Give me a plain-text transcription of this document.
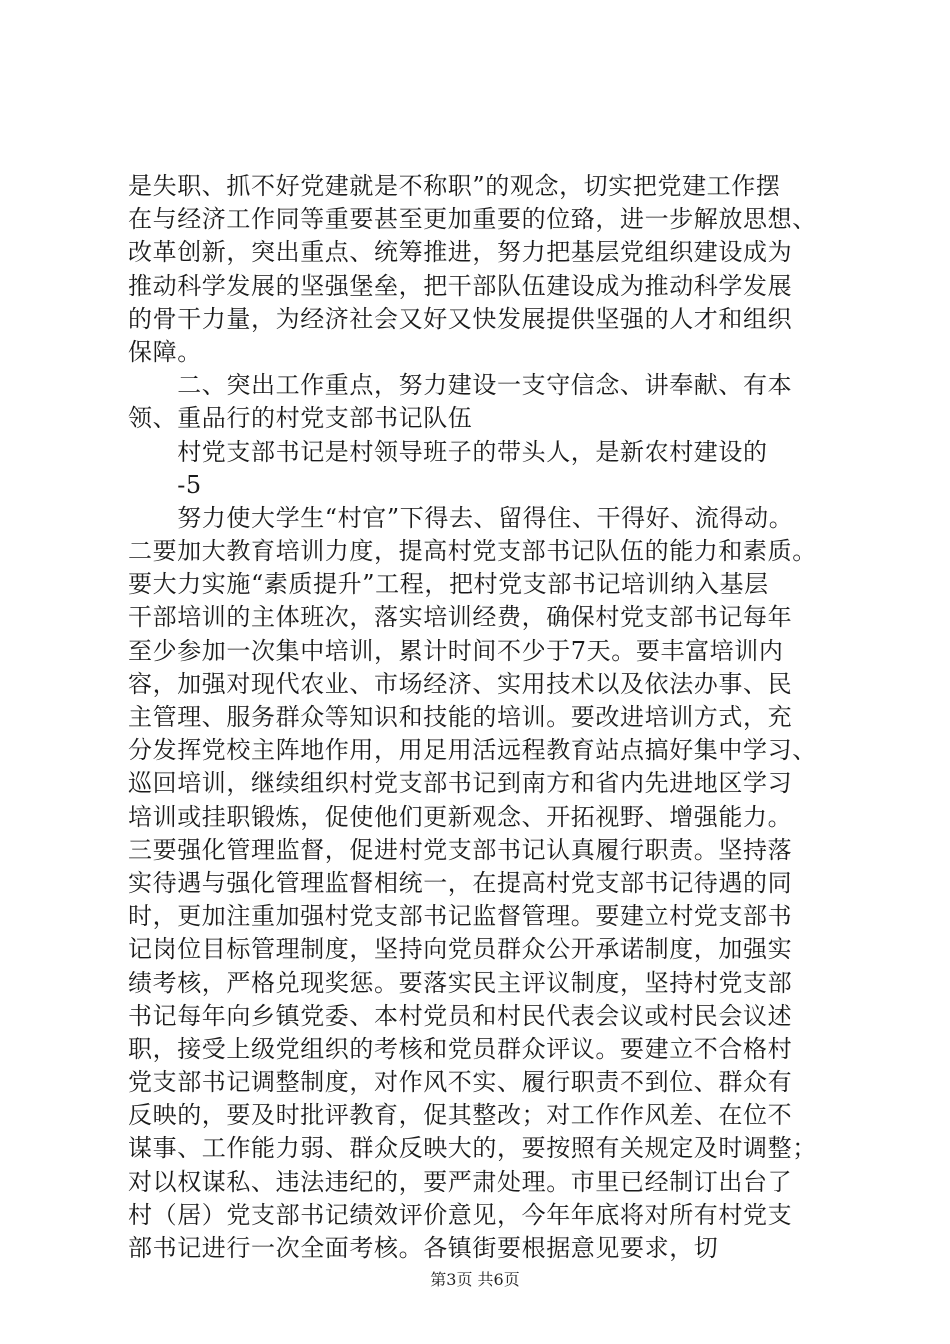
是失职、抓不好党建就是不称职”的观念，切实把党建工作摆
在与经济工作同等重要甚至更加重要的位臵，进一步解放思想、
改革创新，突出重点、统筹推进，努力把基层党组织建设成为
推动科学发展的坚强堡垒，把干部队伍建设成为推动科学发展
的骨干力量，为经济社会又好又快发展提供坚强的人才和组织
保障。
　　二、突出工作重点，努力建设一支守信念、讲奉献、有本
领、重品行的村党支部书记队伍
　　村党支部书记是村领导班子的带头人，是新农村建设的
　　-5
　　努力使大学生“村官”下得去、留得住、干得好、流得动。
二要加大教育培训力度，提高村党支部书记队伍的能力和素质。
要大力实施“素质提升”工程，把村党支部书记培训纳入基层
干部培训的主体班次，落实培训经费，确保村党支部书记每年
至少参加一次集中培训，累计时间不少于7天。要丰富培训内
容，加强对现代农业、市场经济、实用技术以及依法办事、民
主管理、服务群众等知识和技能的培训。要改进培训方式，充
分发挥党校主阵地作用，用足用活远程教育站点搞好集中学习、
巡回培训，继续组织村党支部书记到南方和省内先进地区学习
培训或挂职锻炼，促使他们更新观念、开拓视野、增强能力。
三要强化管理监督，促进村党支部书记认真履行职责。坚持落
实待遇与强化管理监督相统一，在提高村党支部书记待遇的同
时，更加注重加强村党支部书记监督管理。要建立村党支部书
记岗位目标管理制度，坚持向党员群众公开承诺制度，加强实
绩考核，严格兑现奖惩。要落实民主评议制度，坚持村党支部
书记每年向乡镇党委、本村党员和村民代表会议或村民会议述
职，接受上级党组织的考核和党员群众评议。要建立不合格村
党支部书记调整制度，对作风不实、履行职责不到位、群众有
反映的，要及时批评教育，促其整改；对工作作风差、在位不
谋事、工作能力弱、群众反映大的，要按照有关规定及时调整；
对以权谋私、违法违纪的，要严肃处理。市里已经制订出台了
村（居）党支部书记绩效评价意见，今年年底将对所有村党支
部书记进行一次全面考核。各镇街要根据意见要求，切
第3页 共6页
